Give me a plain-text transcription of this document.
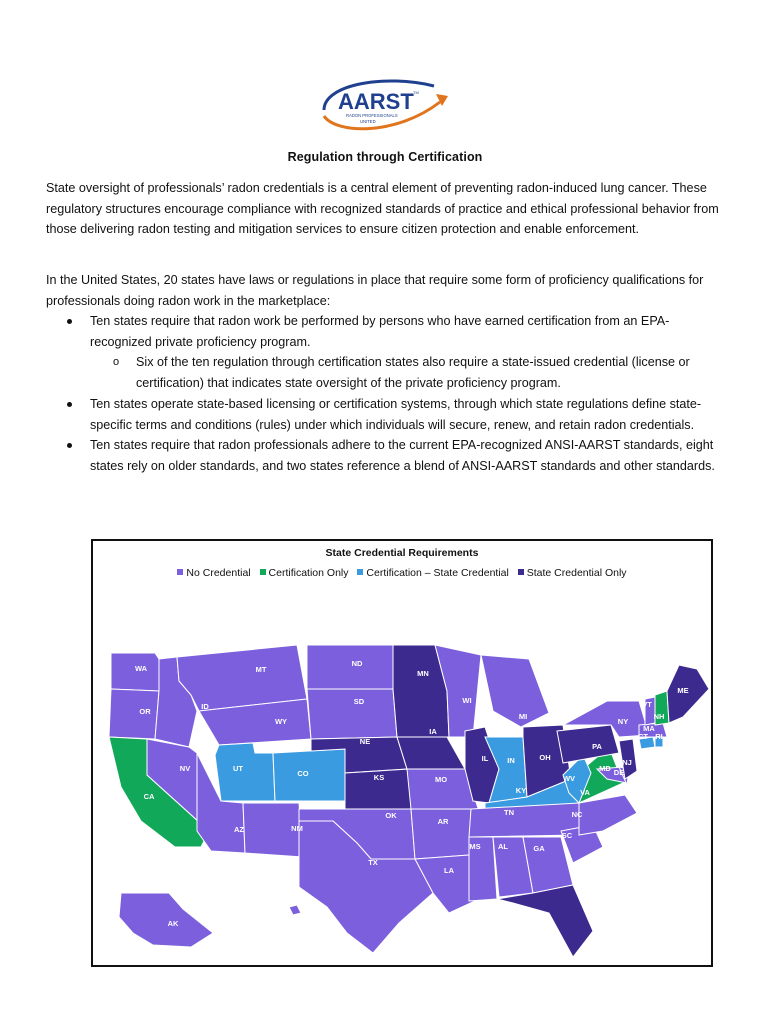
AARST TM
RADON PROFESSIONALS
UNITED
Regulation through Certification

State oversight of professionals’ radon credentials is a central element of preventing radon-induced lung cancer. These regulatory structures encourage compliance with recognized standards of practice and ethical professional behavior from those delivering radon testing and mitigation services to ensure citizen protection and enable enforcement.

In the United States, 20 states have laws or regulations in place that require some form of proficiency qualifications for professionals doing radon work in the marketplace:

Ten states require that radon work be performed by persons who have earned certification from an EPA-recognized private proficiency program.
o Six of the ten regulation through certification states also require a state-issued credential (license or certification) that indicates state oversight of the private proficiency program.
Ten states operate state-based licensing or certification systems, through which state regulations define state-specific terms and conditions (rules) under which individuals will secure, renew, and retain radon credentials.
Ten states require that radon professionals adhere to the current EPA-recognized ANSI-AARST standards, eight states rely on older standards, and two states reference a blend of ANSI-AARST standards and other standards.
State Credential Requirements
No Credential Certification Only Certification – State Credential State Credential Only
WA
OR
CA
ID
NV
MT
WY
UT
CO
AZ	NM
ND
SD
NE
KS
OK
TX
MN
IA
MO
AR
LA
WI
IL
MI
IN	OH
KY
TN
MS AL	GA
FL
SC
NC
VA
WV
PA
NY
MD DE
NJ
CT RI
MA
VT
NH
ME
AK
